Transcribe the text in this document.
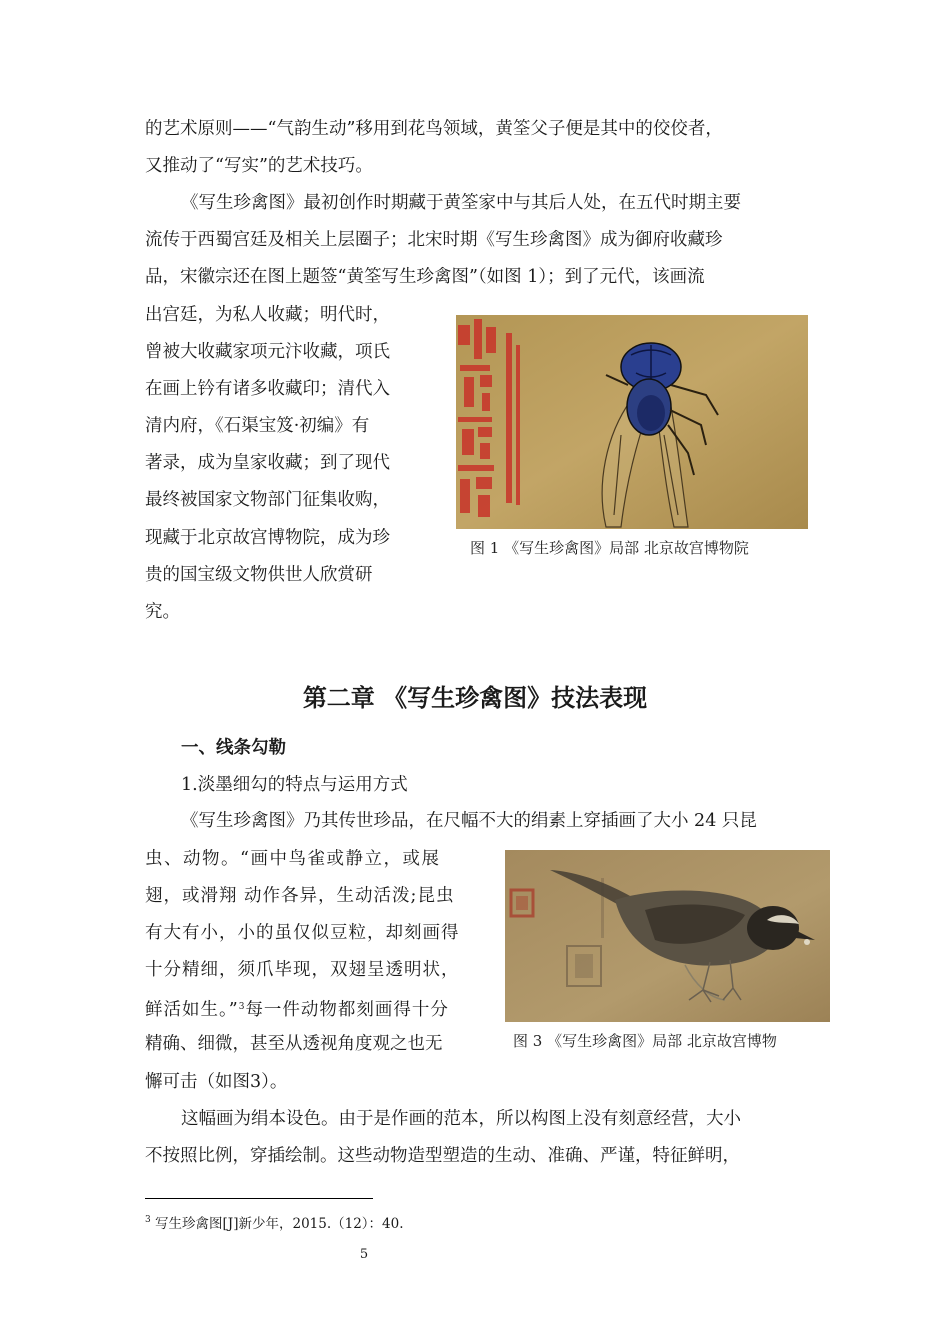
的艺术原则——“气韵生动”移用到花鸟领域，黄筌父子便是其中的佼佼者，
又推动了“写实”的艺术技巧。
《写生珍禽图》最初创作时期藏于黄筌家中与其后人处，在五代时期主要
流传于西蜀宫廷及相关上层圈子；北宋时期《写生珍禽图》成为御府收藏珍
品，宋徽宗还在图上题签“黄筌写生珍禽图”（如图 1）；到了元代，该画流
出宫廷，为私人收藏；明代时，
曾被大收藏家项元汴收藏，项氏
在画上钤有诸多收藏印；清代入
清内府，《石渠宝笈·初编》有
著录，成为皇家收藏；到了现代
最终被国家文物部门征集收购，
现藏于北京故宫博物院，成为珍
贵的国宝级文物供世人欣赏研
究。
图 1 《写生珍禽图》局部 北京故宫博物院
第二章 《写生珍禽图》技法表现
一、线条勾勒
1.淡墨细勾的特点与运用方式
《写生珍禽图》乃其传世珍品，在尺幅不大的绢素上穿插画了大小 24 只昆
虫、动物。“画中鸟雀或静立，或展
翅，或滑翔 动作各异，生动活泼;昆虫
有大有小，小的虽仅似豆粒，却刻画得
十分精细，须爪毕现，双翅呈透明状，
鲜活如生。”$^3$每一件动物都刻画得十分
精确、细微，甚至从透视角度观之也无
懈可击（如图3）。
图 3 《写生珍禽图》局部 北京故宫博物
这幅画为绢本设色。由于是作画的范本，所以构图上没有刻意经营，大小
不按照比例，穿插绘制。这些动物造型塑造的生动、准确、严谨，特征鲜明，
$^3$ 写生珍禽图[J]新少年，2015.（12）：40.
5
